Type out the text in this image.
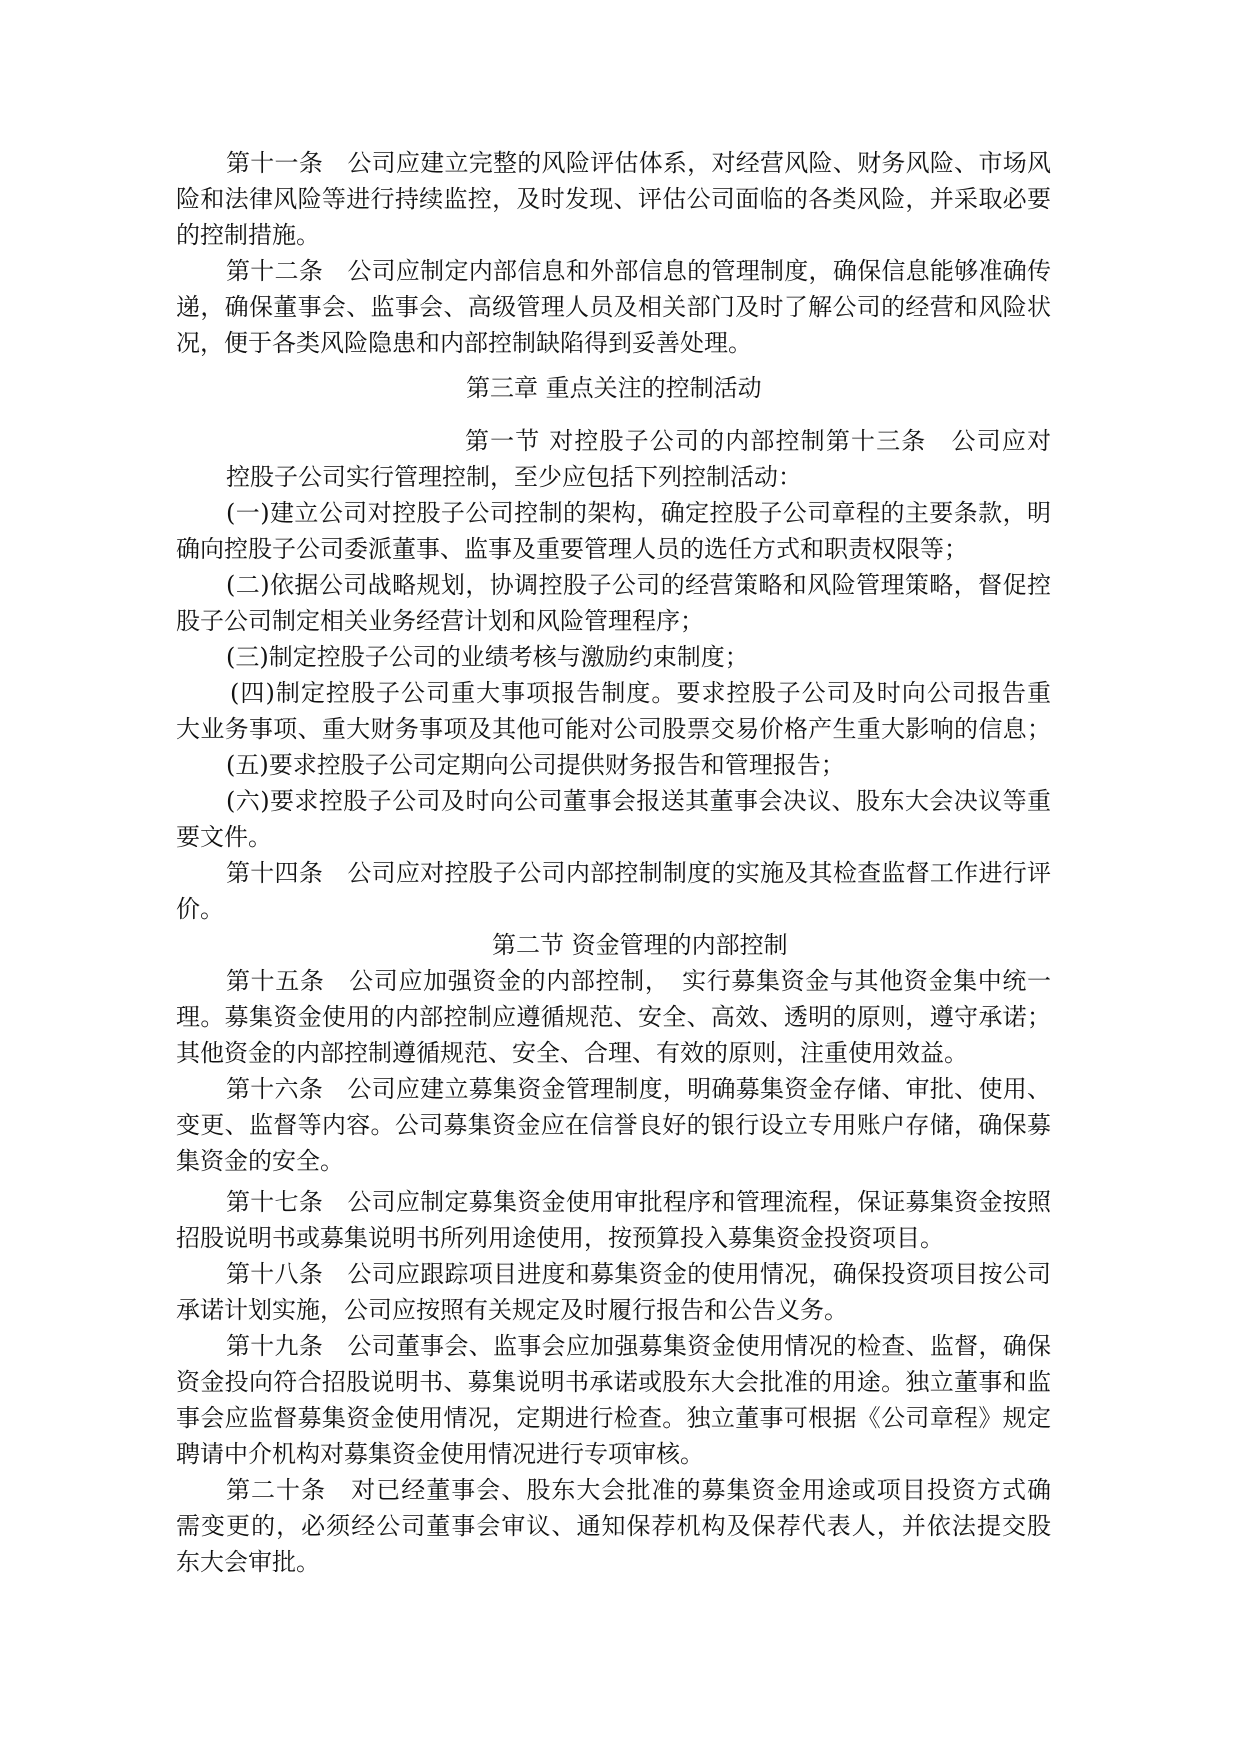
第十一条　公司应建立完整的风险评估体系，对经营风险、财务风险、市场风
险和法律风险等进行持续监控，及时发现、评估公司面临的各类风险，并采取必要
的控制措施。
第十二条　公司应制定内部信息和外部信息的管理制度，确保信息能够准确传
递，确保董事会、监事会、高级管理人员及相关部门及时了解公司的经营和风险状
况，便于各类风险隐患和内部控制缺陷得到妥善处理。
第三章 重点关注的控制活动
第一节 对控股子公司的内部控制第十三条　公司应对
控股子公司实行管理控制，至少应包括下列控制活动：
(一)建立公司对控股子公司控制的架构，确定控股子公司章程的主要条款，明
确向控股子公司委派董事、监事及重要管理人员的选任方式和职责权限等；
(二)依据公司战略规划，协调控股子公司的经营策略和风险管理策略，督促控
股子公司制定相关业务经营计划和风险管理程序；
(三)制定控股子公司的业绩考核与激励约束制度；
(四)制定控股子公司重大事项报告制度。要求控股子公司及时向公司报告重
大业务事项、重大财务事项及其他可能对公司股票交易价格产生重大影响的信息；
(五)要求控股子公司定期向公司提供财务报告和管理报告；
(六)要求控股子公司及时向公司董事会报送其董事会决议、股东大会决议等重
要文件。
第十四条　公司应对控股子公司内部控制制度的实施及其检查监督工作进行评
价。
第二节 资金管理的内部控制
第十五条　公司应加强资金的内部控制，　实行募集资金与其他资金集中统一
理。募集资金使用的内部控制应遵循规范、安全、高效、透明的原则，遵守承诺；
其他资金的内部控制遵循规范、安全、合理、有效的原则，注重使用效益。
第十六条　公司应建立募集资金管理制度，明确募集资金存储、审批、使用、
变更、监督等内容。公司募集资金应在信誉良好的银行设立专用账户存储，确保募
集资金的安全。
第十七条　公司应制定募集资金使用审批程序和管理流程，保证募集资金按照
招股说明书或募集说明书所列用途使用，按预算投入募集资金投资项目。
第十八条　公司应跟踪项目进度和募集资金的使用情况，确保投资项目按公司
承诺计划实施，公司应按照有关规定及时履行报告和公告义务。
第十九条　公司董事会、监事会应加强募集资金使用情况的检查、监督，确保
资金投向符合招股说明书、募集说明书承诺或股东大会批准的用途。独立董事和监
事会应监督募集资金使用情况，定期进行检查。独立董事可根据《公司章程》规定
聘请中介机构对募集资金使用情况进行专项审核。
第二十条　对已经董事会、股东大会批准的募集资金用途或项目投资方式确
需变更的，必须经公司董事会审议、通知保荐机构及保荐代表人，并依法提交股
东大会审批。
